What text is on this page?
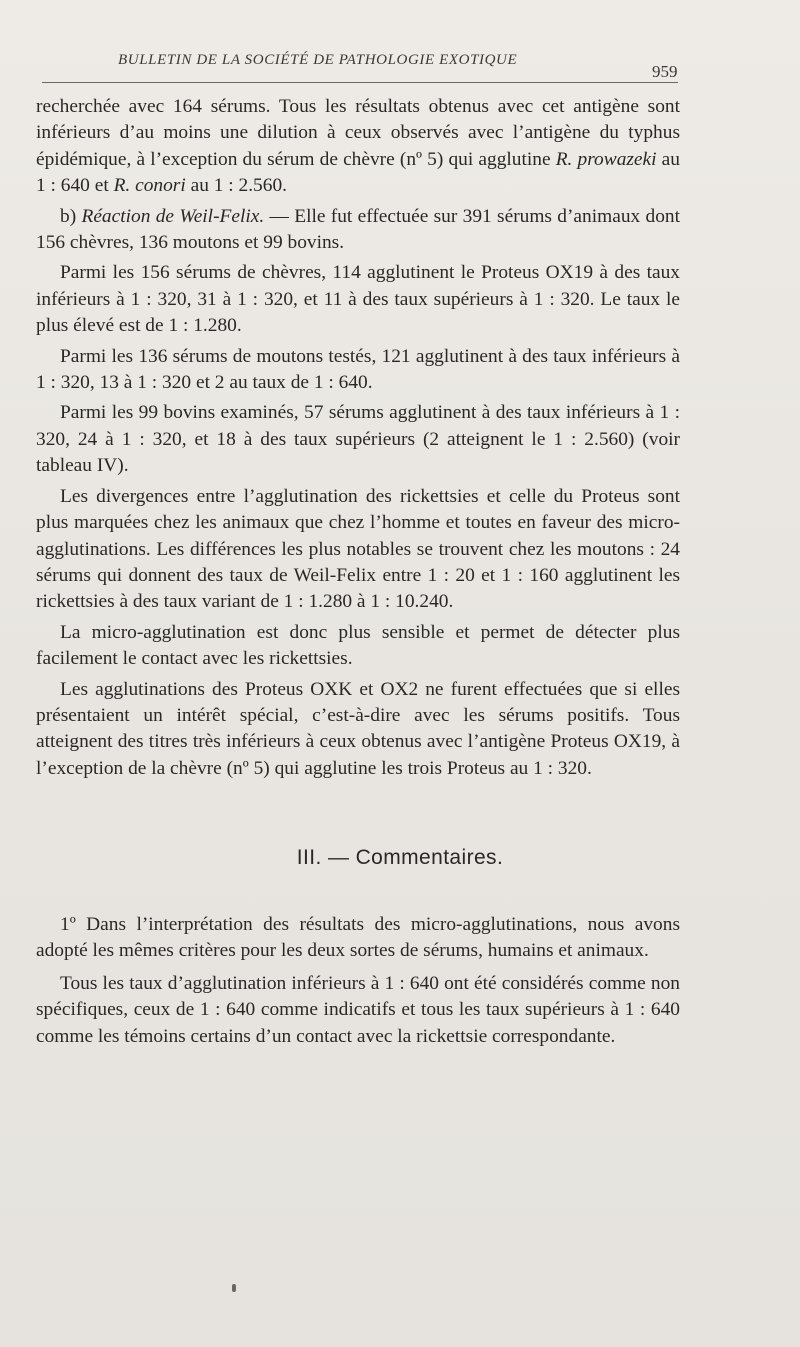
BULLETIN DE LA SOCIÉTÉ DE PATHOLOGIE EXOTIQUE
959

recherchée avec 164 sérums. Tous les résultats obtenus avec cet antigène sont inférieurs d’au moins une dilution à ceux observés avec l’antigène du typhus épidémique, à l’exception du sérum de chèvre (nº 5) qui agglutine R. prowazeki au 1 : 640 et R. conori au 1 : 2.560.

b) Réaction de Weil-Felix. — Elle fut effectuée sur 391 sérums d’animaux dont 156 chèvres, 136 moutons et 99 bovins.

Parmi les 156 sérums de chèvres, 114 agglutinent le Proteus OX19 à des taux inférieurs à 1 : 320, 31 à 1 : 320, et 11 à des taux supérieurs à 1 : 320. Le taux le plus élevé est de 1 : 1.280.

Parmi les 136 sérums de moutons testés, 121 agglutinent à des taux inférieurs à 1 : 320, 13 à 1 : 320 et 2 au taux de 1 : 640.

Parmi les 99 bovins examinés, 57 sérums agglutinent à des taux inférieurs à 1 : 320, 24 à 1 : 320, et 18 à des taux supérieurs (2 atteignent le 1 : 2.560) (voir tableau IV).

Les divergences entre l’agglutination des rickettsies et celle du Proteus sont plus marquées chez les animaux que chez l’homme et toutes en faveur des micro-agglutinations. Les différences les plus notables se trouvent chez les moutons : 24 sérums qui donnent des taux de Weil-Felix entre 1 : 20 et 1 : 160 agglutinent les rickettsies à des taux variant de 1 : 1.280 à 1 : 10.240.

La micro-agglutination est donc plus sensible et permet de détecter plus facilement le contact avec les rickettsies.

Les agglutinations des Proteus OXK et OX2 ne furent effectuées que si elles présentaient un intérêt spécial, c’est-à-dire avec les sérums positifs. Tous atteignent des titres très inférieurs à ceux obtenus avec l’antigène Proteus OX19, à l’exception de la chèvre (nº 5) qui agglutine les trois Proteus au 1 : 320.

III. — Commentaires.

1º Dans l’interprétation des résultats des micro-agglutinations, nous avons adopté les mêmes critères pour les deux sortes de sérums, humains et animaux.

Tous les taux d’agglutination inférieurs à 1 : 640 ont été considérés comme non spécifiques, ceux de 1 : 640 comme indicatifs et tous les taux supérieurs à 1 : 640 comme les témoins certains d’un contact avec la rickettsie correspondante.
